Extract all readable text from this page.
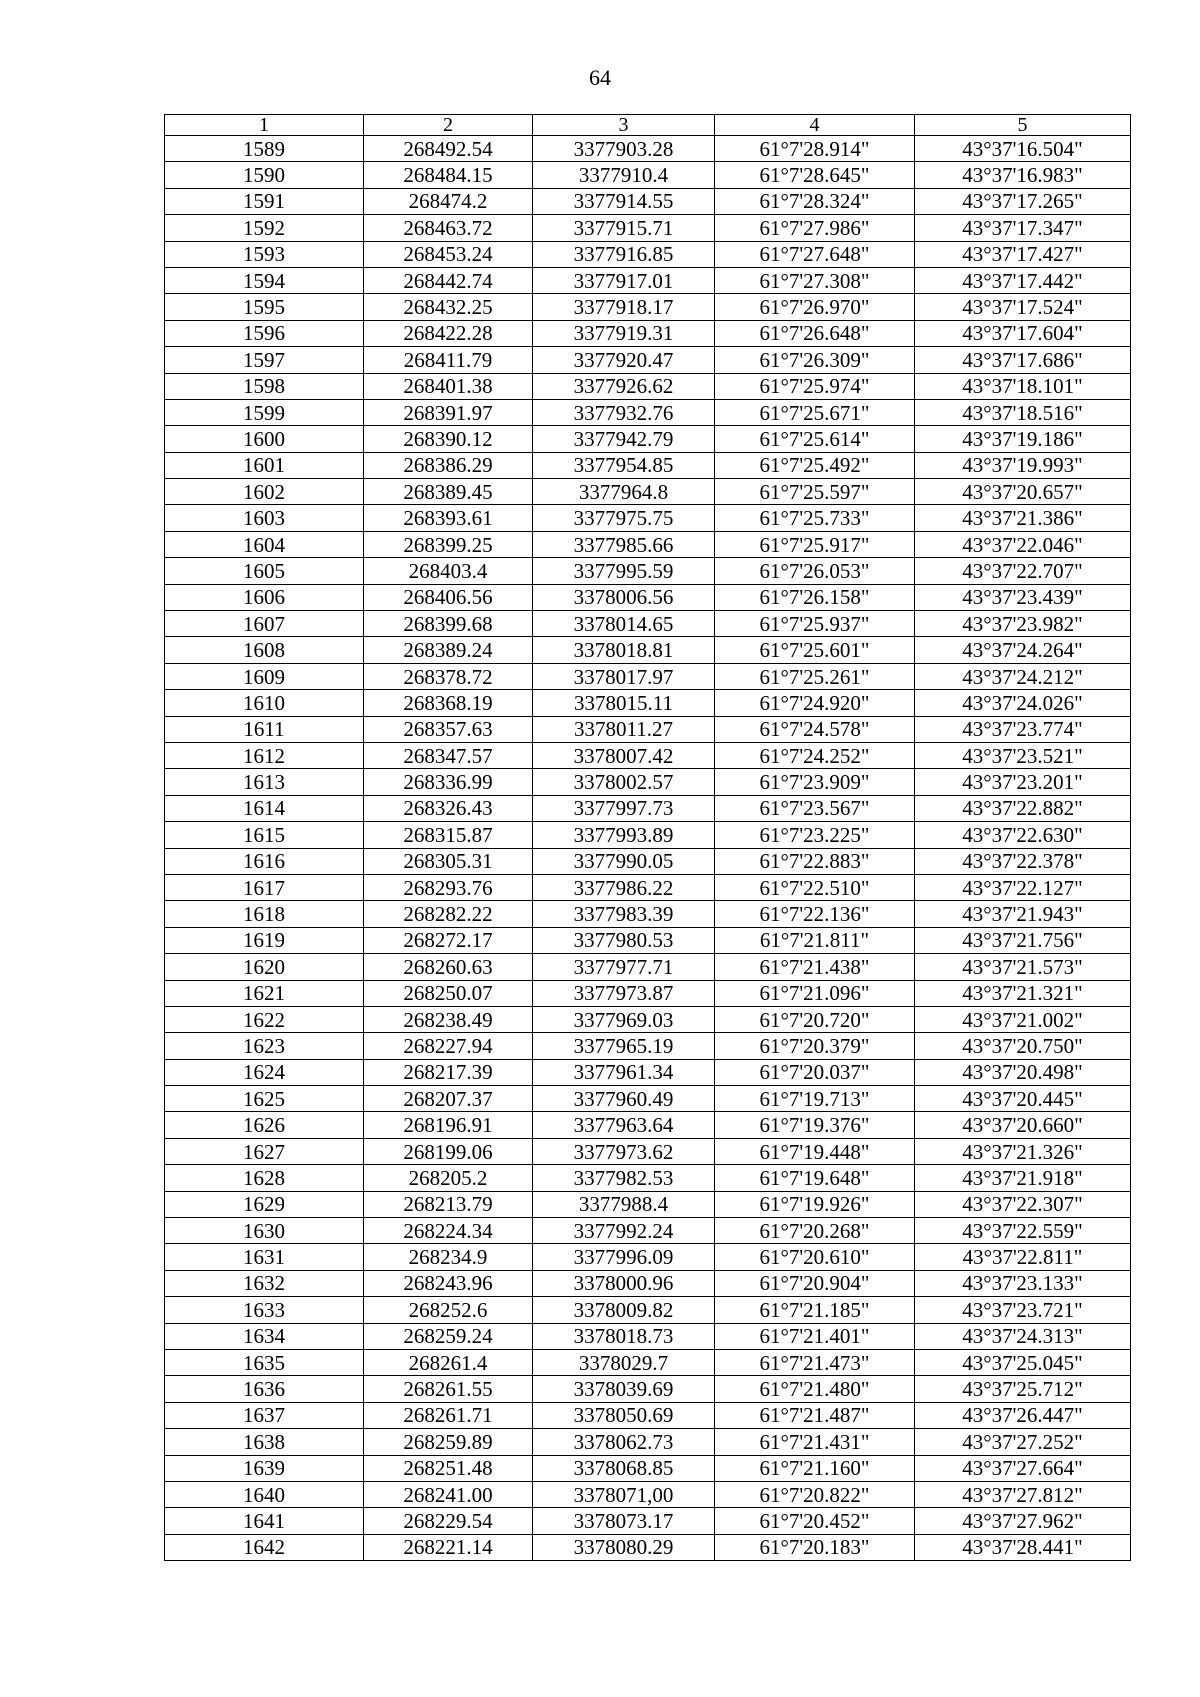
64
1	2	3	4	5
1589	268492.54	3377903.28	61°7'28.914"	43°37'16.504"
1590	268484.15	3377910.4	61°7'28.645"	43°37'16.983"
1591	268474.2	3377914.55	61°7'28.324"	43°37'17.265"
1592	268463.72	3377915.71	61°7'27.986"	43°37'17.347"
1593	268453.24	3377916.85	61°7'27.648"	43°37'17.427"
1594	268442.74	3377917.01	61°7'27.308"	43°37'17.442"
1595	268432.25	3377918.17	61°7'26.970"	43°37'17.524"
1596	268422.28	3377919.31	61°7'26.648"	43°37'17.604"
1597	268411.79	3377920.47	61°7'26.309"	43°37'17.686"
1598	268401.38	3377926.62	61°7'25.974"	43°37'18.101"
1599	268391.97	3377932.76	61°7'25.671"	43°37'18.516"
1600	268390.12	3377942.79	61°7'25.614"	43°37'19.186"
1601	268386.29	3377954.85	61°7'25.492"	43°37'19.993"
1602	268389.45	3377964.8	61°7'25.597"	43°37'20.657"
1603	268393.61	3377975.75	61°7'25.733"	43°37'21.386"
1604	268399.25	3377985.66	61°7'25.917"	43°37'22.046"
1605	268403.4	3377995.59	61°7'26.053"	43°37'22.707"
1606	268406.56	3378006.56	61°7'26.158"	43°37'23.439"
1607	268399.68	3378014.65	61°7'25.937"	43°37'23.982"
1608	268389.24	3378018.81	61°7'25.601"	43°37'24.264"
1609	268378.72	3378017.97	61°7'25.261"	43°37'24.212"
1610	268368.19	3378015.11	61°7'24.920"	43°37'24.026"
1611	268357.63	3378011.27	61°7'24.578"	43°37'23.774"
1612	268347.57	3378007.42	61°7'24.252"	43°37'23.521"
1613	268336.99	3378002.57	61°7'23.909"	43°37'23.201"
1614	268326.43	3377997.73	61°7'23.567"	43°37'22.882"
1615	268315.87	3377993.89	61°7'23.225"	43°37'22.630"
1616	268305.31	3377990.05	61°7'22.883"	43°37'22.378"
1617	268293.76	3377986.22	61°7'22.510"	43°37'22.127"
1618	268282.22	3377983.39	61°7'22.136"	43°37'21.943"
1619	268272.17	3377980.53	61°7'21.811"	43°37'21.756"
1620	268260.63	3377977.71	61°7'21.438"	43°37'21.573"
1621	268250.07	3377973.87	61°7'21.096"	43°37'21.321"
1622	268238.49	3377969.03	61°7'20.720"	43°37'21.002"
1623	268227.94	3377965.19	61°7'20.379"	43°37'20.750"
1624	268217.39	3377961.34	61°7'20.037"	43°37'20.498"
1625	268207.37	3377960.49	61°7'19.713"	43°37'20.445"
1626	268196.91	3377963.64	61°7'19.376"	43°37'20.660"
1627	268199.06	3377973.62	61°7'19.448"	43°37'21.326"
1628	268205.2	3377982.53	61°7'19.648"	43°37'21.918"
1629	268213.79	3377988.4	61°7'19.926"	43°37'22.307"
1630	268224.34	3377992.24	61°7'20.268"	43°37'22.559"
1631	268234.9	3377996.09	61°7'20.610"	43°37'22.811"
1632	268243.96	3378000.96	61°7'20.904"	43°37'23.133"
1633	268252.6	3378009.82	61°7'21.185"	43°37'23.721"
1634	268259.24	3378018.73	61°7'21.401"	43°37'24.313"
1635	268261.4	3378029.7	61°7'21.473"	43°37'25.045"
1636	268261.55	3378039.69	61°7'21.480"	43°37'25.712"
1637	268261.71	3378050.69	61°7'21.487"	43°37'26.447"
1638	268259.89	3378062.73	61°7'21.431"	43°37'27.252"
1639	268251.48	3378068.85	61°7'21.160"	43°37'27.664"
1640	268241.00	3378071,00	61°7'20.822"	43°37'27.812"
1641	268229.54	3378073.17	61°7'20.452"	43°37'27.962"
1642	268221.14	3378080.29	61°7'20.183"	43°37'28.441"
